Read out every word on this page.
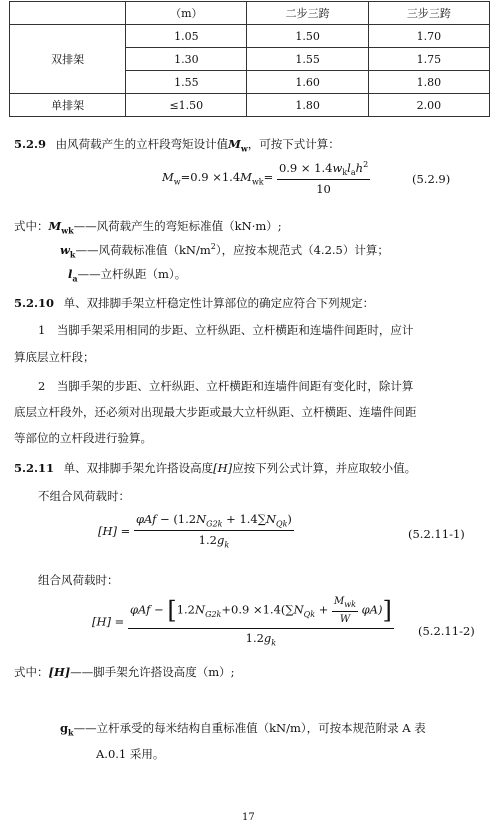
	（m）	二步三跨	三步三跨
双排架	1.05	1.50	1.70
	1.30	1.55	1.75
	1.55	1.60	1.80
单排架	≤1.50	1.80	2.00
5.2.9 由风荷载产生的立杆段弯矩设计值$M_w$，可按下式计算：
$M_w=0.9 \times 1.4M_{wk}= \frac{0.9 \times 1.4w_kl_ah^2}{10}$	(5.2.9)
式中：$M_{wk}——$风荷载产生的弯矩标准值（kN·m）;
$w_k——$风荷载标准值$(kN/m^2)$，应按本规范式（4.2.5）计算；
$l_a——$立杆纵距（m）。
5.2.10 单、双排脚手架立杆稳定性计算部位的确定应符合下列规定：
1　当脚手架采用相同的步距、立杆纵距、立杆横距和连墙件间距时，应计
算底层立杆段；
2　当脚手架的步距、立杆纵距、立杆横距和连墙件间距有变化时，除计算
底层立杆段外，还必须对出现最大步距或最大立杆纵距、立杆横距、连墙件间距
等部位的立杆段进行验算。
5.2.11 单、双排脚手架允许搭设高度[H]应按下列公式计算，并应取较小值。
不组合风荷载时：
$[H] = \frac{\varphi Af - (1.2N_{G2k} + 1.4\sum N_{Qk})}{1.2g_k}$	(5.2.11-1)
组合风荷载时：
$[H] = \frac{\varphi Af - [1.2N_{G2k}+0.9 \times 1.4(\sum N_{Qk} + \frac{M_{wk}}{W} \varphi A)]}{1.2g_k} (5.2.11-2)$
式中：[H]——脚手架允许搭设高度（m）;
$g_k——$立杆承受的每米结构自重标准值（kN/m），可按本规范附录 A 表
A.0.1 采用。
17
